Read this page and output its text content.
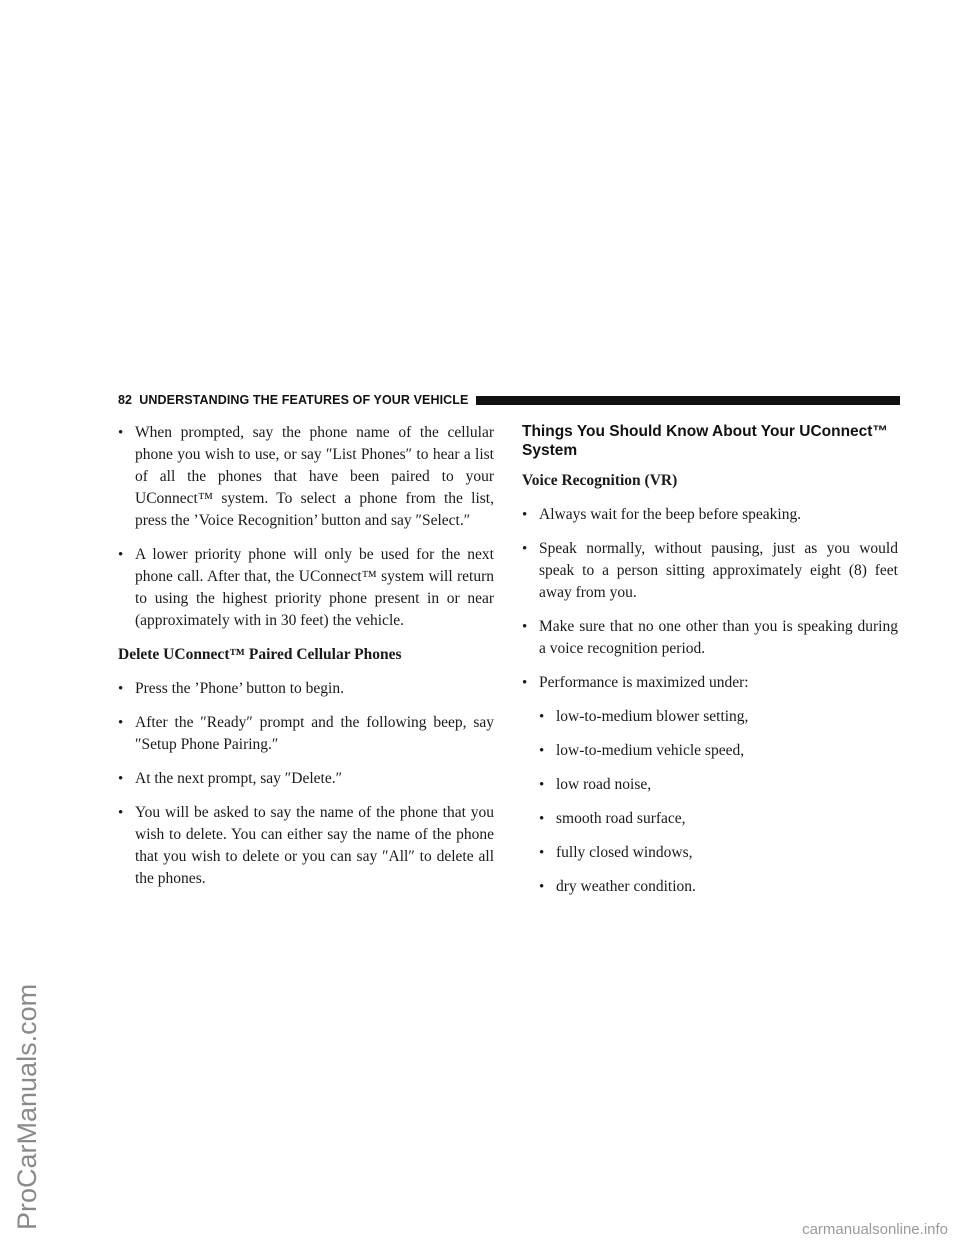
82 UNDERSTANDING THE FEATURES OF YOUR VEHICLE
• When prompted, say the phone name of the cellular phone you wish to use, or say ″List Phones″ to hear a list of all the phones that have been paired to your UConnect™ system. To select a phone from the list, press the ’Voice Recognition’ button and say ″Select.″
• A lower priority phone will only be used for the next phone call. After that, the UConnect™ system will return to using the highest priority phone present in or near (approximately with in 30 feet) the vehicle.
Delete UConnect™ Paired Cellular Phones
• Press the ’Phone’ button to begin.
• After the ″Ready″ prompt and the following beep, say ″Setup Phone Pairing.″
• At the next prompt, say ″Delete.″
• You will be asked to say the name of the phone that you wish to delete. You can either say the name of the phone that you wish to delete or you can say ″All″ to delete all the phones.
Things You Should Know About Your UConnect™ System
Voice Recognition (VR)
• Always wait for the beep before speaking.
• Speak normally, without pausing, just as you would speak to a person sitting approximately eight (8) feet away from you.
• Make sure that no one other than you is speaking during a voice recognition period.
• Performance is maximized under:
• low-to-medium blower setting,
• low-to-medium vehicle speed,
• low road noise,
• smooth road surface,
• fully closed windows,
• dry weather condition.
ProCarManuals.com	carmanualsonline.info
